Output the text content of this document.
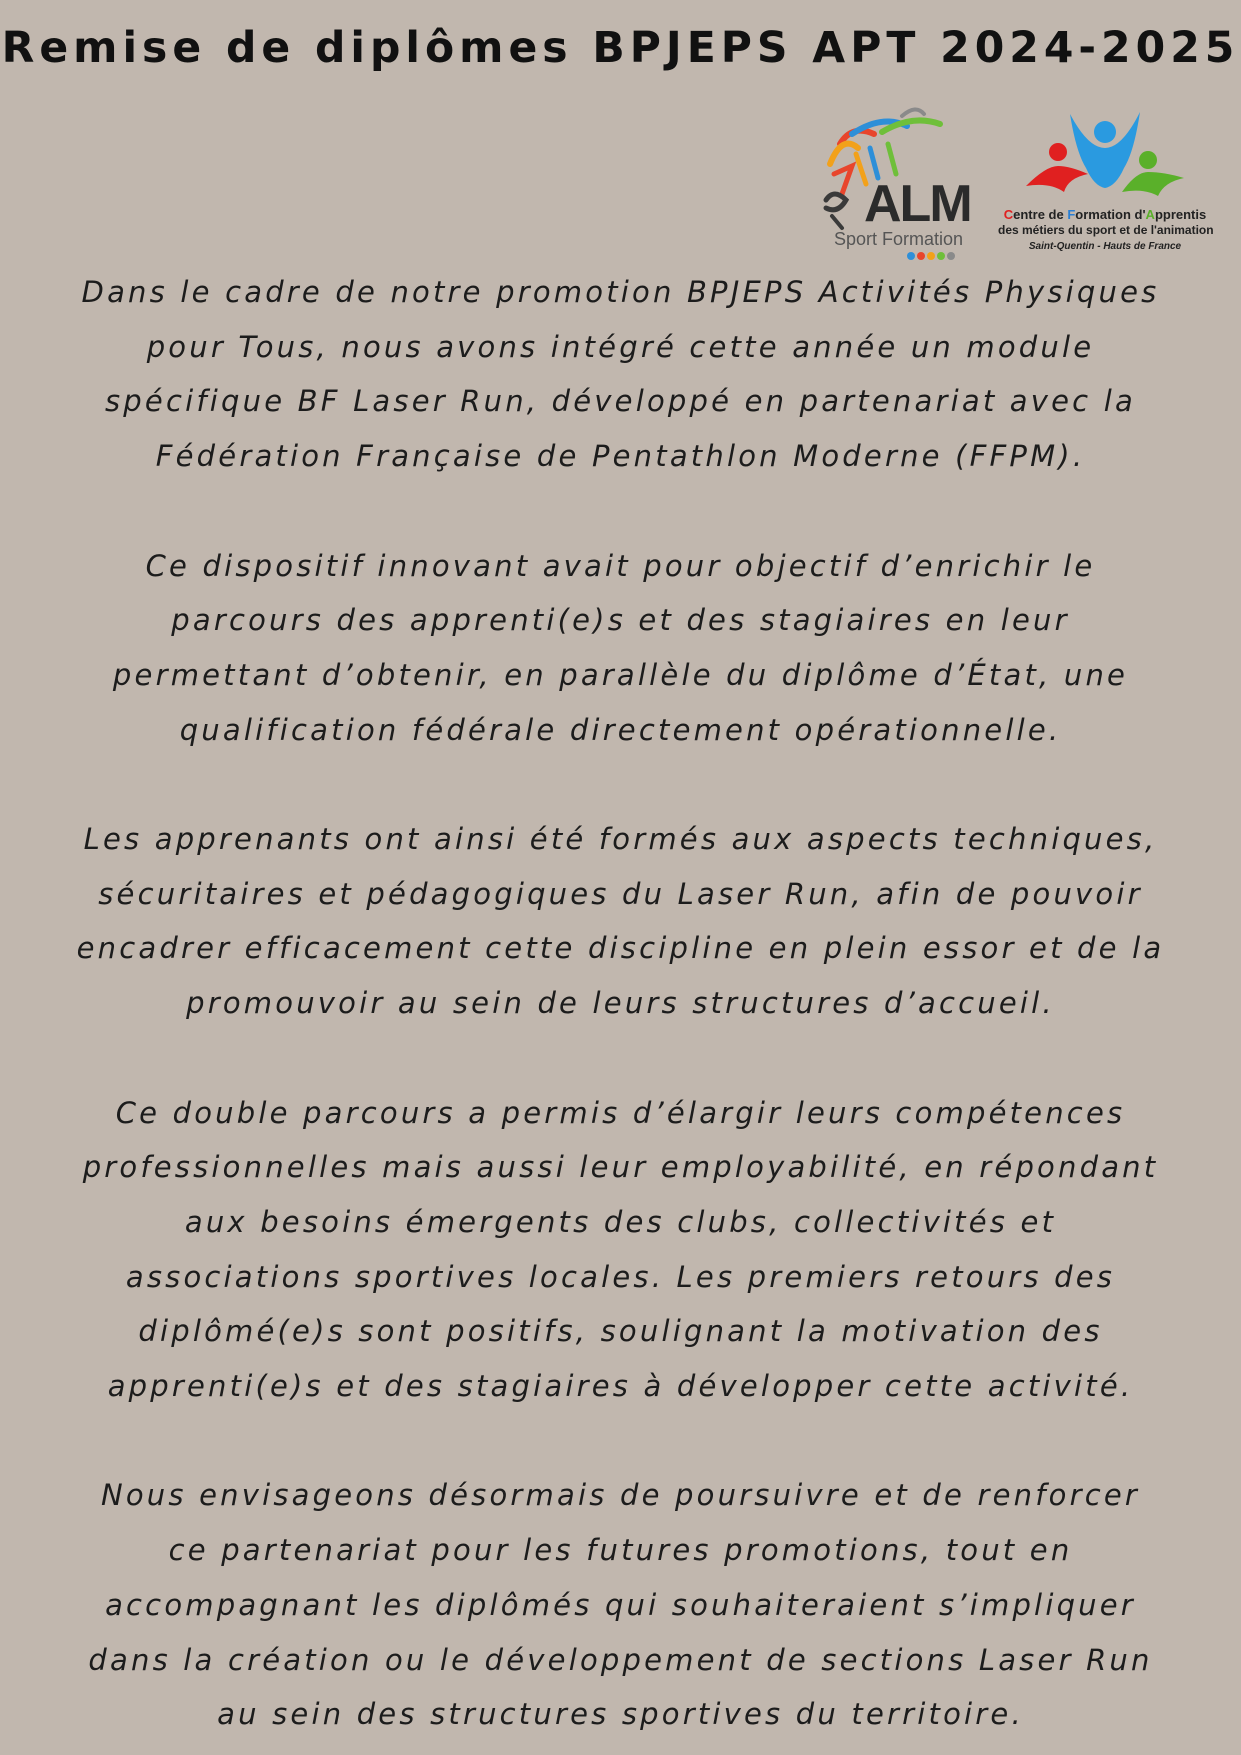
Remise de diplômes BPJEPS APT 2024-2025
ALM
Sport Formation
Centre de Formation d'Apprentis
des métiers du sport et de l'animation
Saint-Quentin - Hauts de France

Dans le cadre de notre promotion BPJEPS Activités Physiques
pour Tous, nous avons intégré cette année un module
spécifique BF Laser Run, développé en partenariat avec la
Fédération Française de Pentathlon Moderne (FFPM).

Ce dispositif innovant avait pour objectif d’enrichir le
parcours des apprenti(e)s et des stagiaires en leur
permettant d’obtenir, en parallèle du diplôme d’État, une
qualification fédérale directement opérationnelle.

Les apprenants ont ainsi été formés aux aspects techniques,
sécuritaires et pédagogiques du Laser Run, afin de pouvoir
encadrer efficacement cette discipline en plein essor et de la
promouvoir au sein de leurs structures d’accueil.

Ce double parcours a permis d’élargir leurs compétences
professionnelles mais aussi leur employabilité, en répondant
aux besoins émergents des clubs, collectivités et
associations sportives locales. Les premiers retours des
diplômé(e)s sont positifs, soulignant la motivation des
apprenti(e)s et des stagiaires à développer cette activité.

Nous envisageons désormais de poursuivre et de renforcer
ce partenariat pour les futures promotions, tout en
accompagnant les diplômés qui souhaiteraient s’impliquer
dans la création ou le développement de sections Laser Run
au sein des structures sportives du territoire.
